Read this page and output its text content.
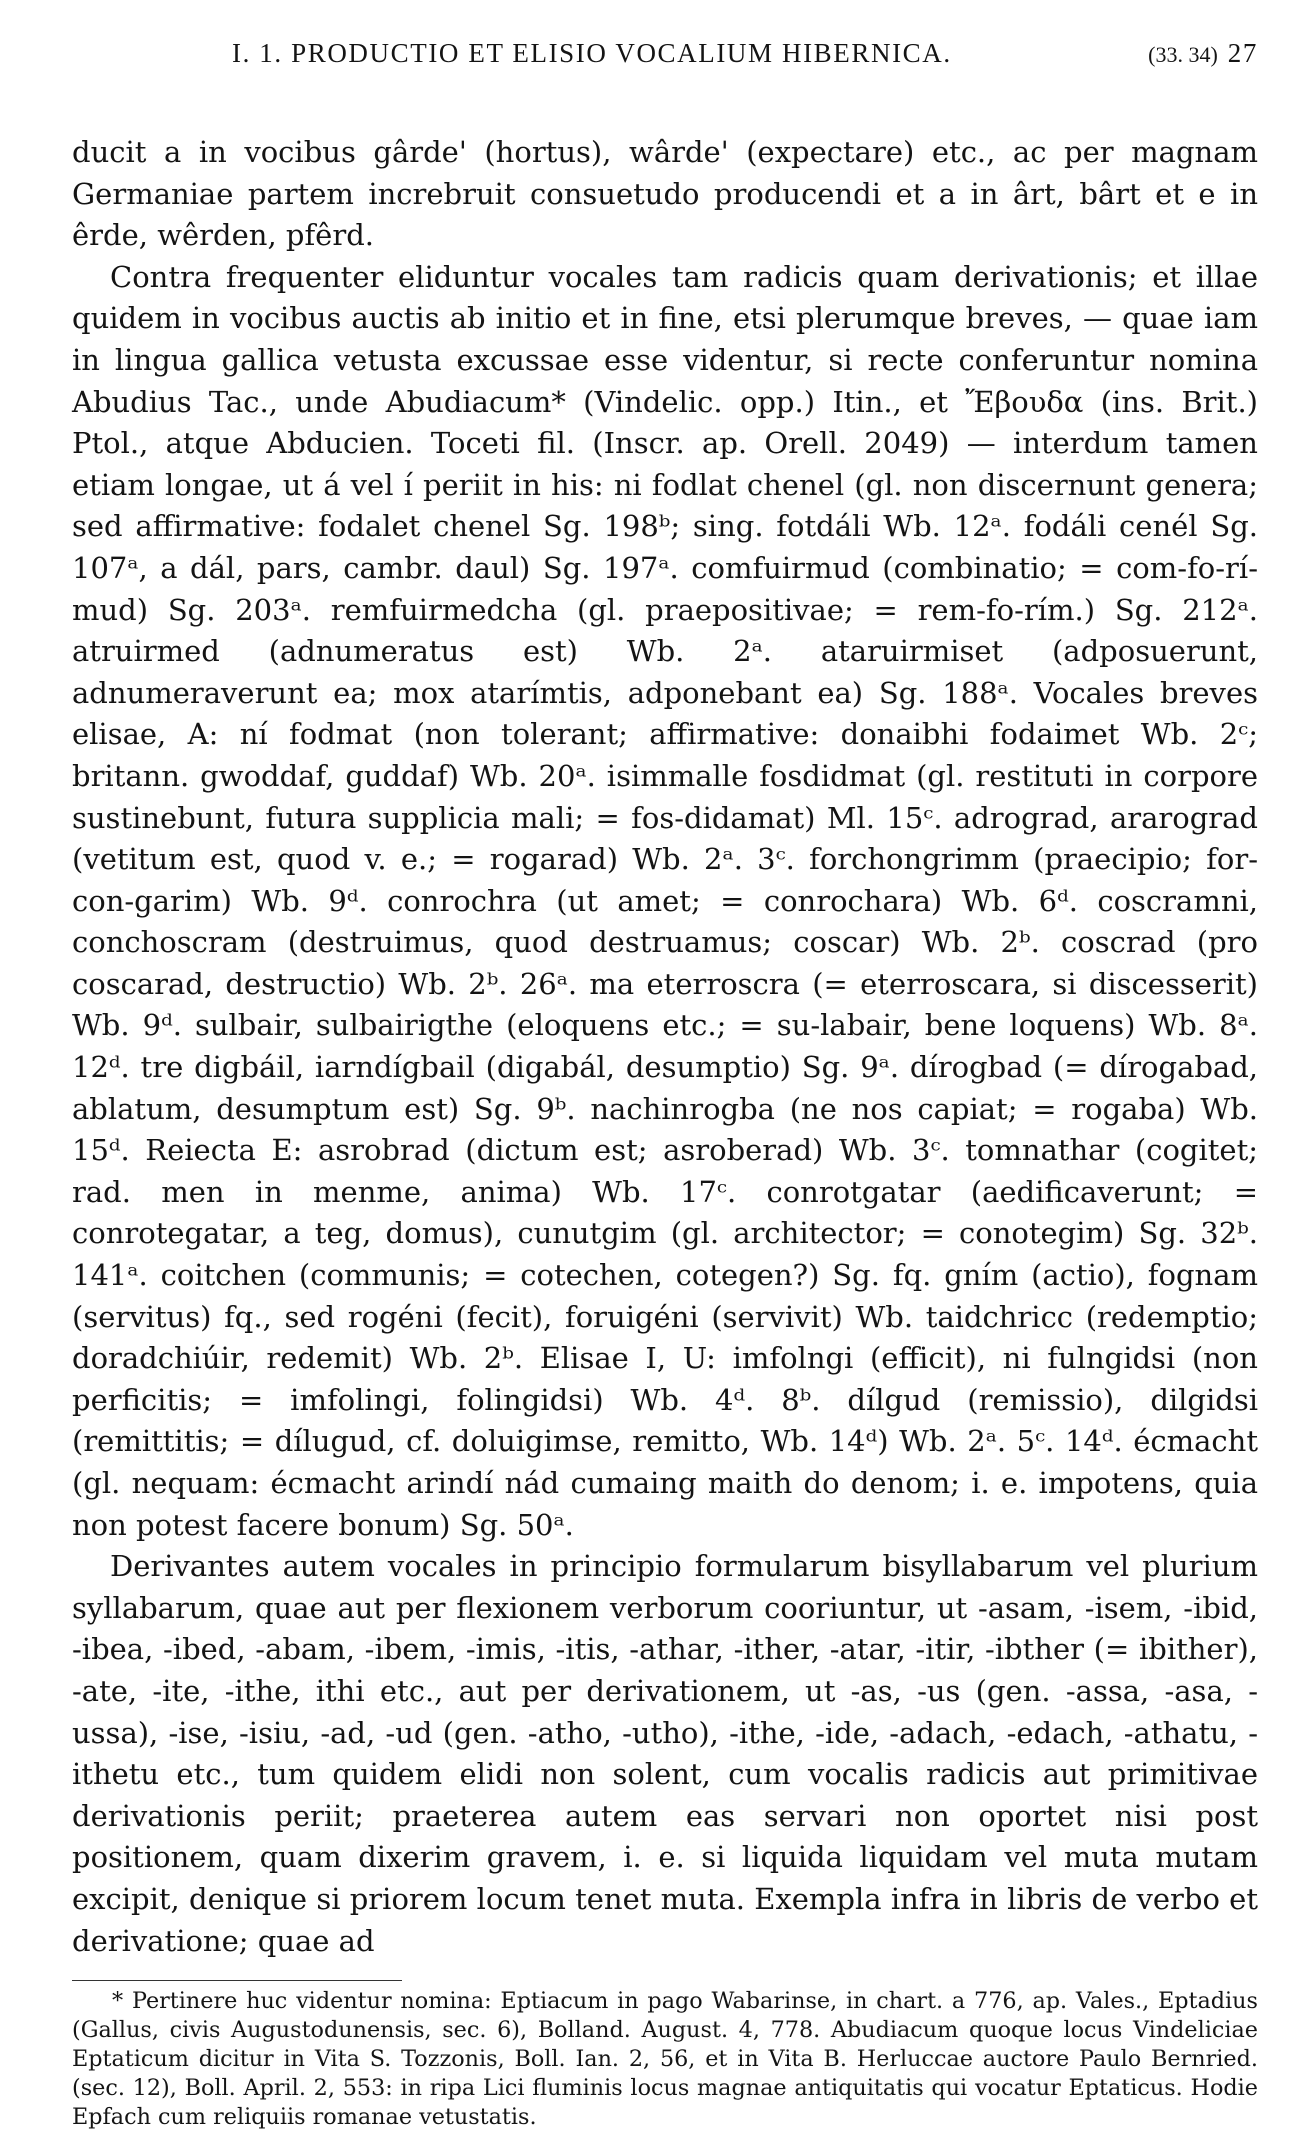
I. 1. PRODUCTIO ET ELISIO VOCALIUM HIBERNICA.	(33. 34) 27

ducit a in vocibus gârde' (hortus), wârde' (expectare) etc., ac per magnam Germaniae partem increbruit consuetudo producendi et a in ârt, bârt et e in êrde, wêrden, pfêrd.

Contra frequenter eliduntur vocales tam radicis quam derivationis; et illae quidem in vocibus auctis ab initio et in fine, etsi plerumque breves, — quae iam in lingua gallica vetusta excussae esse videntur, si recte conferuntur nomina Abudius Tac., unde Abudiacum* (Vindelic. opp.) Itin., et Ἔβουδα (ins. Brit.) Ptol., atque Abducien. Toceti fil. (Inscr. ap. Orell. 2049) — interdum tamen etiam longae, ut á vel í periit in his: ni fodlat chenel (gl. non discernunt genera; sed affirmative: fodalet chenel Sg. 198ᵇ; sing. fotdáli Wb. 12ᵃ. fodáli cenél Sg. 107ᵃ, a dál, pars, cambr. daul) Sg. 197ᵃ. comfuirmud (combinatio; = com-fo-rí-mud) Sg. 203ᵃ. remfuirmedcha (gl. praepositivae; = rem-fo-rím.) Sg. 212ᵃ. atruirmed (adnumeratus est) Wb. 2ᵃ. ataruirmiset (adposuerunt, adnumeraverunt ea; mox atarímtis, adponebant ea) Sg. 188ᵃ. Vocales breves elisae, A: ní fodmat (non tolerant; affirmative: donaibhi fodaimet Wb. 2ᶜ; britann. gwoddaf, guddaf) Wb. 20ᵃ. isimmalle fosdidmat (gl. restituti in corpore sustinebunt, futura supplicia mali; = fos-didamat) Ml. 15ᶜ. adrograd, ararograd (vetitum est, quod v. e.; = rogarad) Wb. 2ᵃ. 3ᶜ. forchongrimm (praecipio; for-con-garim) Wb. 9ᵈ. conrochra (ut amet; = conrochara) Wb. 6ᵈ. coscramni, conchoscram (destruimus, quod destruamus; coscar) Wb. 2ᵇ. coscrad (pro coscarad, destructio) Wb. 2ᵇ. 26ᵃ. ma eterroscra (= eterroscara, si discesserit) Wb. 9ᵈ. sulbair, sulbairigthe (eloquens etc.; = su-labair, bene loquens) Wb. 8ᵃ. 12ᵈ. tre digbáil, iarndígbail (digabál, desumptio) Sg. 9ᵃ. dírogbad (= dírogabad, ablatum, desumptum est) Sg. 9ᵇ. nachinrogba (ne nos capiat; = rogaba) Wb. 15ᵈ. Reiecta E: asrobrad (dictum est; asroberad) Wb. 3ᶜ. tomnathar (cogitet; rad. men in menme, anima) Wb. 17ᶜ. conrotgatar (aedificaverunt; = conrotegatar, a teg, domus), cunutgim (gl. architector; = conotegim) Sg. 32ᵇ. 141ᵃ. coitchen (communis; = cotechen, cotegen?) Sg. fq. gním (actio), fognam (servitus) fq., sed rogéni (fecit), foruigéni (servivit) Wb. taidchricc (redemptio; doradchiúir, redemit) Wb. 2ᵇ. Elisae I, U: imfolngi (efficit), ni fulngidsi (non perficitis; = imfolingi, folingidsi) Wb. 4ᵈ. 8ᵇ. dílgud (remissio), dilgidsi (remittitis; = dílugud, cf. doluigimse, remitto, Wb. 14ᵈ) Wb. 2ᵃ. 5ᶜ. 14ᵈ. écmacht (gl. nequam: écmacht arindí nád cumaing maith do denom; i. e. impotens, quia non potest facere bonum) Sg. 50ᵃ.

Derivantes autem vocales in principio formularum bisyllabarum vel plurium syllabarum, quae aut per flexionem verborum cooriuntur, ut -asam, -isem, -ibid, -ibea, -ibed, -abam, -ibem, -imis, -itis, -athar, -ither, -atar, -itir, -ibther (= ibither), -ate, -ite, -ithe, ithi etc., aut per derivationem, ut -as, -us (gen. -assa, -asa, -ussa), -ise, -isiu, -ad, -ud (gen. -atho, -utho), -ithe, -ide, -adach, -edach, -athatu, -ithetu etc., tum quidem elidi non solent, cum vocalis radicis aut primitivae derivationis periit; praeterea autem eas servari non oportet nisi post positionem, quam dixerim gravem, i. e. si liquida liquidam vel muta mutam excipit, denique si priorem locum tenet muta. Exempla infra in libris de verbo et derivatione; quae ad

* Pertinere huc videntur nomina: Eptiacum in pago Wabarinse, in chart. a 776, ap. Vales., Eptadius (Gallus, civis Augustodunensis, sec. 6), Bolland. August. 4, 778. Abudiacum quoque locus Vindeliciae Eptaticum dicitur in Vita S. Tozzonis, Boll. Ian. 2, 56, et in Vita B. Herluccae auctore Paulo Bernried. (sec. 12), Boll. April. 2, 553: in ripa Lici fluminis locus magnae antiquitatis qui vocatur Eptaticus. Hodie Epfach cum reliquiis romanae vetustatis.
